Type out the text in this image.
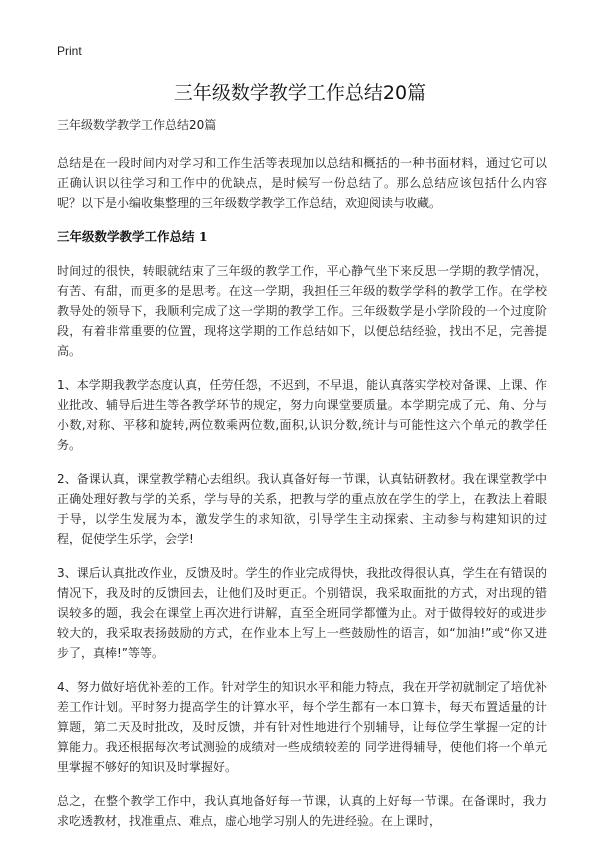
Print
三年级数学教学工作总结20篇

三年级数学教学工作总结20篇

总结是在一段时间内对学习和工作生活等表现加以总结和概括的一种书面材料，通过它可以正确认识以往学习和工作中的优缺点，是时候写一份总结了。那么总结应该包括什么内容呢？以下是小编收集整理的三年级数学教学工作总结，欢迎阅读与收藏。

三年级数学教学工作总结 1

时间过的很快，转眼就结束了三年级的教学工作，平心静气坐下来反思一学期的教学情况，有苦、有甜，而更多的是思考。在这一学期，我担任三年级的数学学科的教学工作。在学校教导处的领导下，我顺利完成了这一学期的教学工作。三年级数学是小学阶段的一个过度阶段，有着非常重要的位置，现将这学期的工作总结如下，以便总结经验，找出不足，完善提高。

1、本学期我教学态度认真，任劳任怨，不迟到，不早退，能认真落实学校对备课、上课、作业批改、辅导后进生等各教学环节的规定，努力向课堂要质量。本学期完成了元、角、分与小数,对称、平移和旋转,两位数乘两位数,面积,认识分数,统计与可能性这六个单元的教学任务。

2、备课认真，课堂教学精心去组织。我认真备好每一节课，认真钻研教材。我在课堂教学中正确处理好教与学的关系，学与导的关系，把教与学的重点放在学生的学上，在教法上着眼于导，以学生发展为本，激发学生的求知欲，引导学生主动探索、主动参与构建知识的过程，促使学生乐学，会学!

3、课后认真批改作业，反馈及时。学生的作业完成得快，我批改得很认真，学生在有错误的情况下，我及时的反馈回去，让他们及时更正。个别错误，我采取面批的方式，对出现的错误较多的题，我会在课堂上再次进行讲解，直至全班同学都懂为止。对于做得较好的或进步较大的，我采取表扬鼓励的方式，在作业本上写上一些鼓励性的语言，如“加油!”或“你又进步了，真棒!”等等。

4、努力做好培优补差的工作。针对学生的知识水平和能力特点，我在开学初就制定了培优补差工作计划。平时努力提高学生的计算水平，每个学生都有一本口算卡，每天布置适量的计算题，第二天及时批改，及时反馈，并有针对性地进行个别辅导，让每位学生掌握一定的计算能力。我还根据每次考试测验的成绩对一些成绩较差的 同学进得辅导，使他们将一个单元里掌握不够好的知识及时掌握好。

总之，在整个教学工作中，我认真地备好每一节课，认真的上好每一节课。在备课时，我力求吃透教材，找准重点、难点，虚心地学习别人的先进经验。在上课时，
